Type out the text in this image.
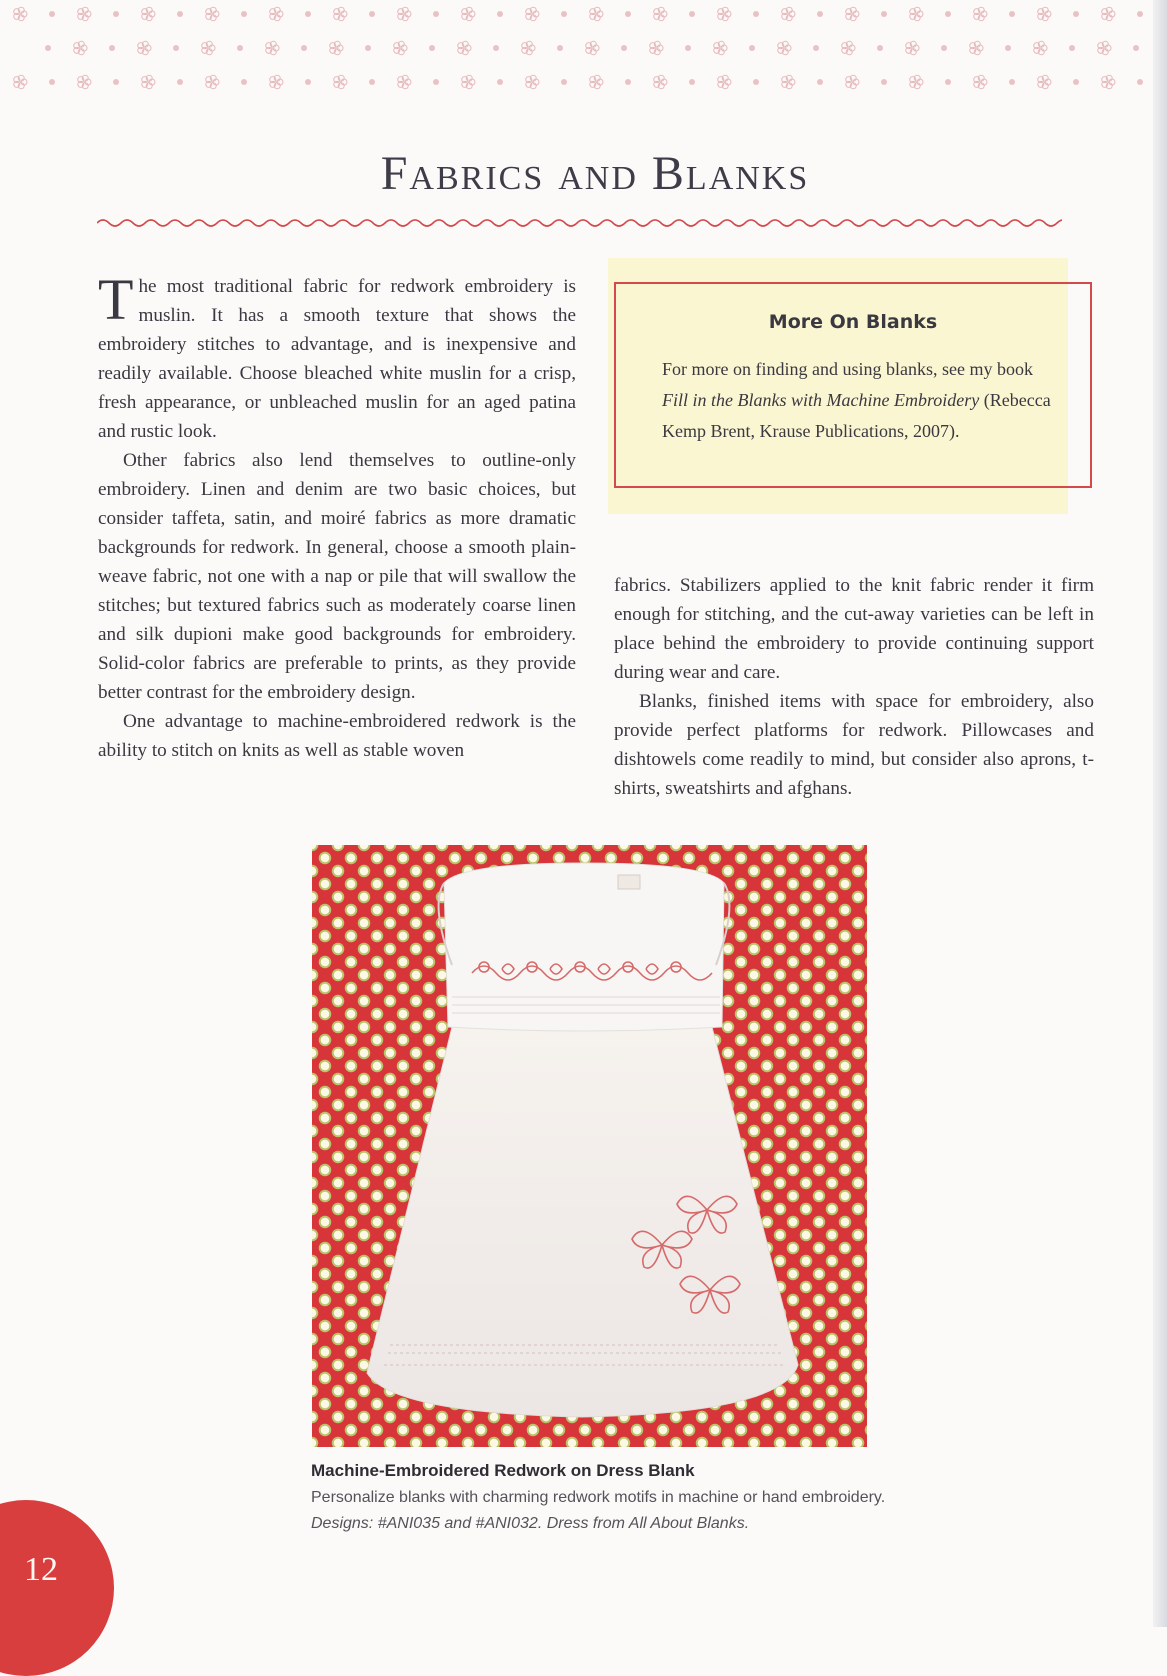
Fabrics and Blanks

The most traditional fabric for redwork embroidery is muslin. It has a smooth texture that shows the embroidery stitches to advantage, and is inexpensive and readily available. Choose bleached white muslin for a crisp, fresh appearance, or unbleached muslin for an aged patina and rustic look.

Other fabrics also lend themselves to outline-only embroidery. Linen and denim are two basic choices, but consider taffeta, satin, and moiré fabrics as more dramatic backgrounds for redwork. In general, choose a smooth plain-weave fabric, not one with a nap or pile that will swallow the stitches; but textured fabrics such as moderately coarse linen and silk dupioni make good backgrounds for embroidery. Solid-color fabrics are preferable to prints, as they provide better contrast for the embroidery design.

One advantage to machine-embroidered redwork is the ability to stitch on knits as well as stable woven

More On Blanks
For more on finding and using blanks, see my book Fill in the Blanks with Machine Embroidery (Rebecca Kemp Brent, Krause Publications, 2007).

fabrics. Stabilizers applied to the knit fabric render it firm enough for stitching, and the cut-away varieties can be left in place behind the embroidery to provide continuing support during wear and care.

Blanks, finished items with space for embroidery, also provide perfect platforms for redwork. Pillowcases and dishtowels come readily to mind, but consider also aprons, t-shirts, sweatshirts and afghans.

Machine-Embroidered Redwork on Dress Blank
Personalize blanks with charming redwork motifs in machine or hand embroidery. Designs: #ANI035 and #ANI032. Dress from All About Blanks.
12
